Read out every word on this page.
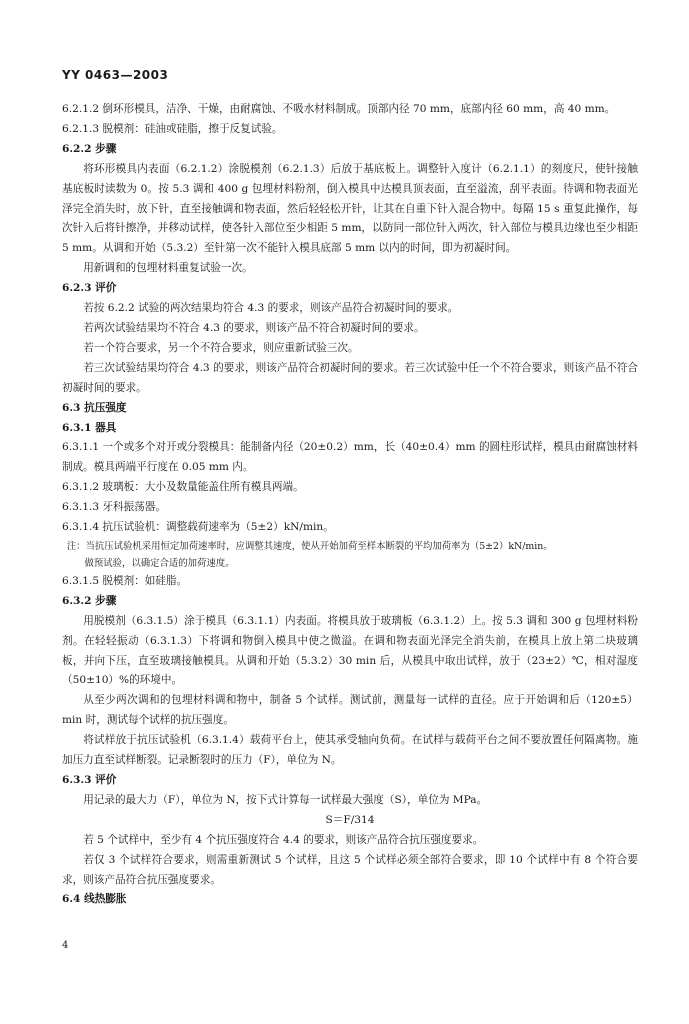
YY 0463—2003

6.2.1.2 倒环形模具，洁净、干燥，由耐腐蚀、不吸水材料制成。顶部内径 70 mm，底部内径 60 mm，高 40 mm。

6.2.1.3 脱模剂：硅油或硅脂，擦于反复试验。

6.2.2 步骤

将环形模具内表面（6.2.1.2）涂脱模剂（6.2.1.3）后放于基底板上。调整针入度计（6.2.1.1）的刻度尺，使针接触基底板时读数为 0。按 5.3 调和 400 g 包埋材料粉剂，倒入模具中达模具顶表面，直至溢流，刮平表面。待调和物表面光泽完全消失时，放下针，直至接触调和物表面，然后轻轻松开针，让其在自重下针入混合物中。每隔 15 s 重复此操作，每次针入后将针擦净，并移动试样，使各针入部位至少相距 5 mm，以防同一部位针入两次，针入部位与模具边缘也至少相距 5 mm。从调和开始（5.3.2）至针第一次不能针入模具底部 5 mm 以内的时间，即为初凝时间。

用新调和的包埋材料重复试验一次。

6.2.3 评价

若按 6.2.2 试验的两次结果均符合 4.3 的要求，则该产品符合初凝时间的要求。

若两次试验结果均不符合 4.3 的要求，则该产品不符合初凝时间的要求。

若一个符合要求，另一个不符合要求，则应重新试验三次。

若三次试验结果均符合 4.3 的要求，则该产品符合初凝时间的要求。若三次试验中任一个不符合要求，则该产品不符合初凝时间的要求。

6.3 抗压强度

6.3.1 器具

6.3.1.1 一个或多个对开或分裂模具：能制备内径（20±0.2）mm，长（40±0.4）mm 的圆柱形试样，模具由耐腐蚀材料制成。模具两端平行度在 0.05 mm 内。

6.3.1.2 玻璃板：大小及数量能盖住所有模具两端。

6.3.1.3 牙科振荡器。

6.3.1.4 抗压试验机：调整载荷速率为（5±2）kN/min。

注：当抗压试验机采用恒定加荷速率时，应调整其速度，使从开始加荷至样本断裂的平均加荷率为（5±2）kN/min。

做预试验，以确定合适的加荷速度。

6.3.1.5 脱模剂：如硅脂。

6.3.2 步骤

用脱模剂（6.3.1.5）涂于模具（6.3.1.1）内表面。将模具放于玻璃板（6.3.1.2）上。按 5.3 调和 300 g 包埋材料粉剂。在轻轻振动（6.3.1.3）下将调和物倒入模具中使之微溢。在调和物表面光泽完全消失前，在模具上放上第二块玻璃板，并向下压，直至玻璃接触模具。从调和开始（5.3.2）30 min 后，从模具中取出试样，放于（23±2）℃，相对湿度（50±10）%的环境中。

从至少两次调和的包埋材料调和物中，制备 5 个试样。测试前，测量每一试样的直径。应于开始调和后（120±5）min 时，测试每个试样的抗压强度。

将试样放于抗压试验机（6.3.1.4）载荷平台上，使其承受轴向负荷。在试样与载荷平台之间不要放置任何隔离物。施加压力直至试样断裂。记录断裂时的压力（F），单位为 N。

6.3.3 评价

用记录的最大力（F），单位为 N，按下式计算每一试样最大强度（S），单位为 MPa。

S＝F/314

若 5 个试样中，至少有 4 个抗压强度符合 4.4 的要求，则该产品符合抗压强度要求。

若仅 3 个试样符合要求，则需重新测试 5 个试样，且这 5 个试样必须全部符合要求，即 10 个试样中有 8 个符合要求，则该产品符合抗压强度要求。

6.4 线热膨胀

4
